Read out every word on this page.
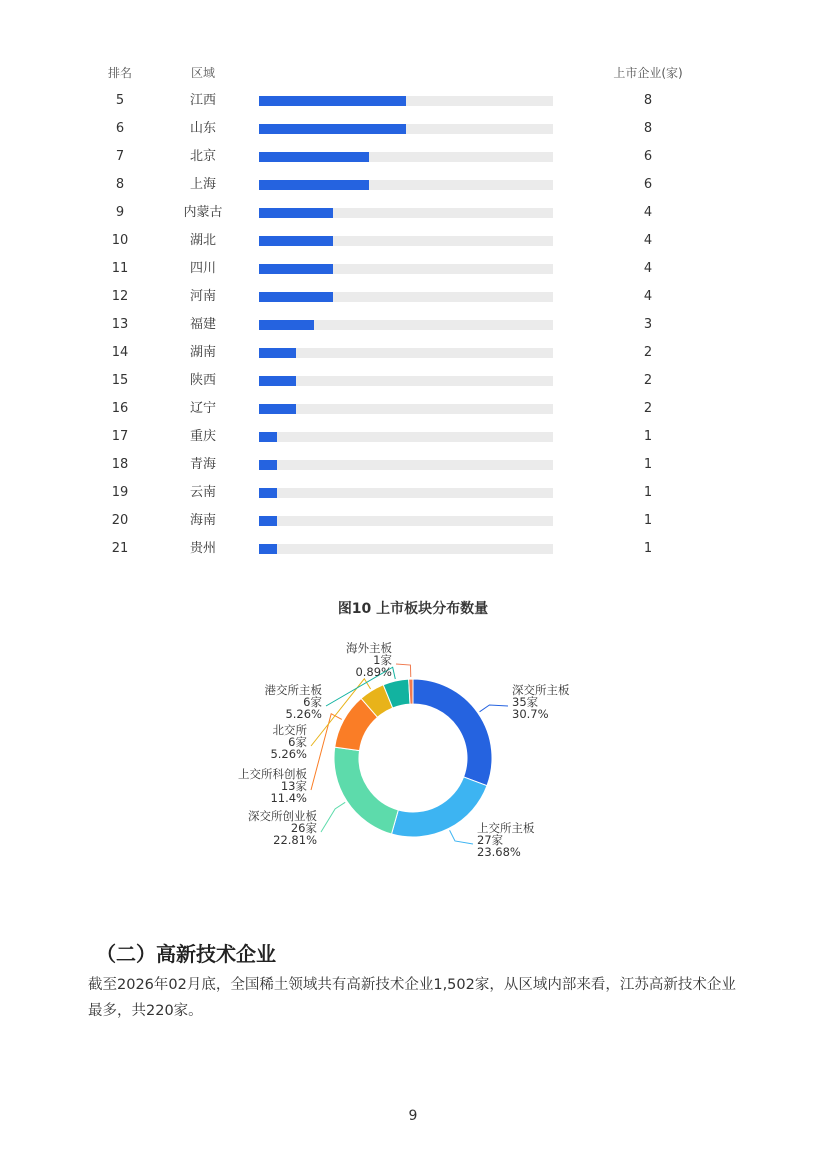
排名	区域	上市企业(家)
5	江西	8
6	山东	8
7	北京	6
8	上海	6
9	内蒙古	4
10	湖北	4
11	四川	4
12	河南	4
13	福建	3
14	湖南	2
15	陕西	2
16	辽宁	2
17	重庆	1
18	青海	1
19	云南	1
20	海南	1
21	贵州	1
图10 上市板块分布数量
深交所主板
35家
30.7%
上交所主板
27家
23.68%
深交所创业板
26家
22.81%
上交所科创板
13家
11.4%
北交所
6家
5.26%
港交所主板
6家
5.26%
海外主板
1家
0.89%
（二）高新技术企业
截至2026年02月底，全国稀土领域共有高新技术企业1,502家，从区域内部来看，江苏高新技术企业最多，共220家。
9
